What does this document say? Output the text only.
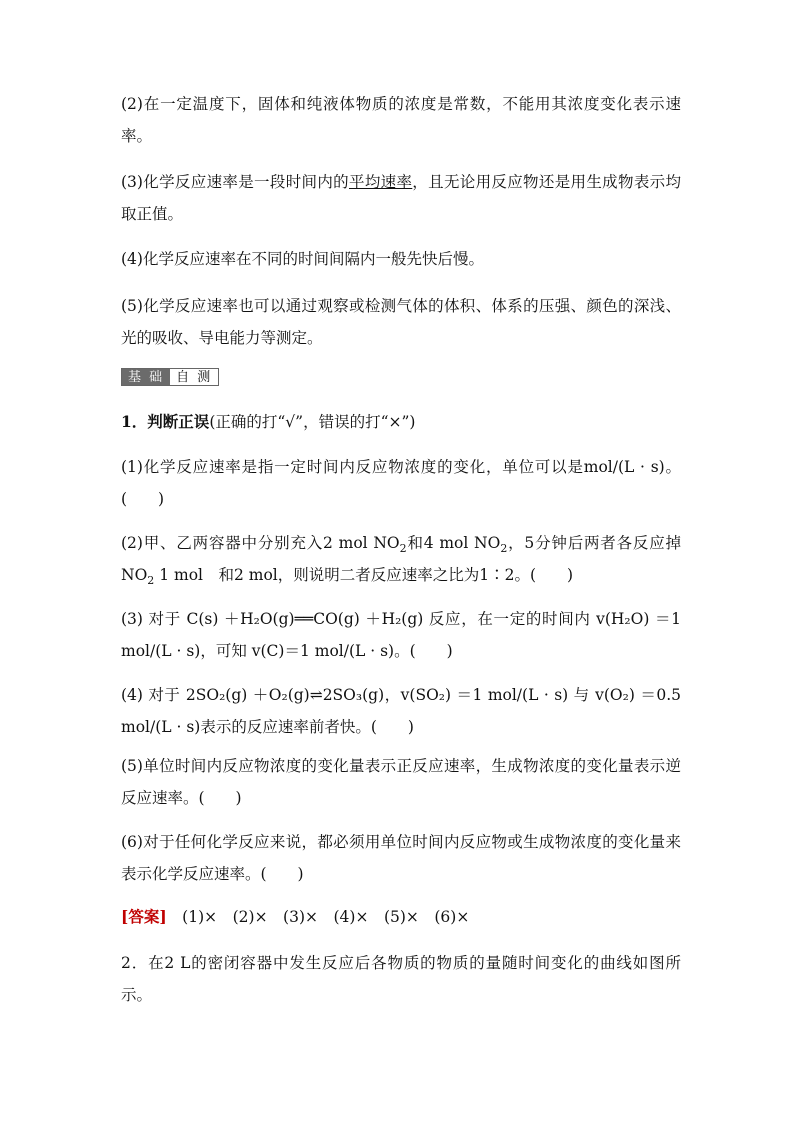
(2)在一定温度下，固体和纯液体物质的浓度是常数，不能用其浓度变化表示速率。

(3)化学反应速率是一段时间内的平均速率，且无论用反应物还是用生成物表示均取正值。

(4)化学反应速率在不同的时间间隔内一般先快后慢。

(5)化学反应速率也可以通过观察或检测气体的体积、体系的压强、颜色的深浅、光的吸收、导电能力等测定。

基 础 自 测

1．判断正误(正确的打“√”，错误的打“×”)

(1)化学反应速率是指一定时间内反应物浓度的变化，单位可以是mol/(L · s)。(　　)

(2)甲、乙两容器中分别充入2 mol $NO_2$和4 mol $NO_2$，5分钟后两者各反应掉$NO_2$ 1 mol　和2 mol，则说明二者反应速率之比为1∶2。(　　)

(3) 对于 C(s) ＋H₂O(g)══CO(g) ＋H₂(g) 反应，在一定的时间内 v(H₂O) ＝1 mol/(L · s)，可知 v(C)＝1 mol/(L · s)。(　　)

(4) 对于 2SO₂(g) ＋O₂(g)⇌2SO₃(g)，v(SO₂) ＝1 mol/(L · s) 与 v(O₂) ＝0.5 mol/(L · s)表示的反应速率前者快。(　　)

(5)单位时间内反应物浓度的变化量表示正反应速率，生成物浓度的变化量表示逆反应速率。(　　)

(6)对于任何化学反应来说，都必须用单位时间内反应物或生成物浓度的变化量来表示化学反应速率。(　　)

[答案]　(1)×　(2)×　(3)×　(4)×　(5)×　(6)×

2．在2 L的密闭容器中发生反应后各物质的物质的量随时间变化的曲线如图所示。
